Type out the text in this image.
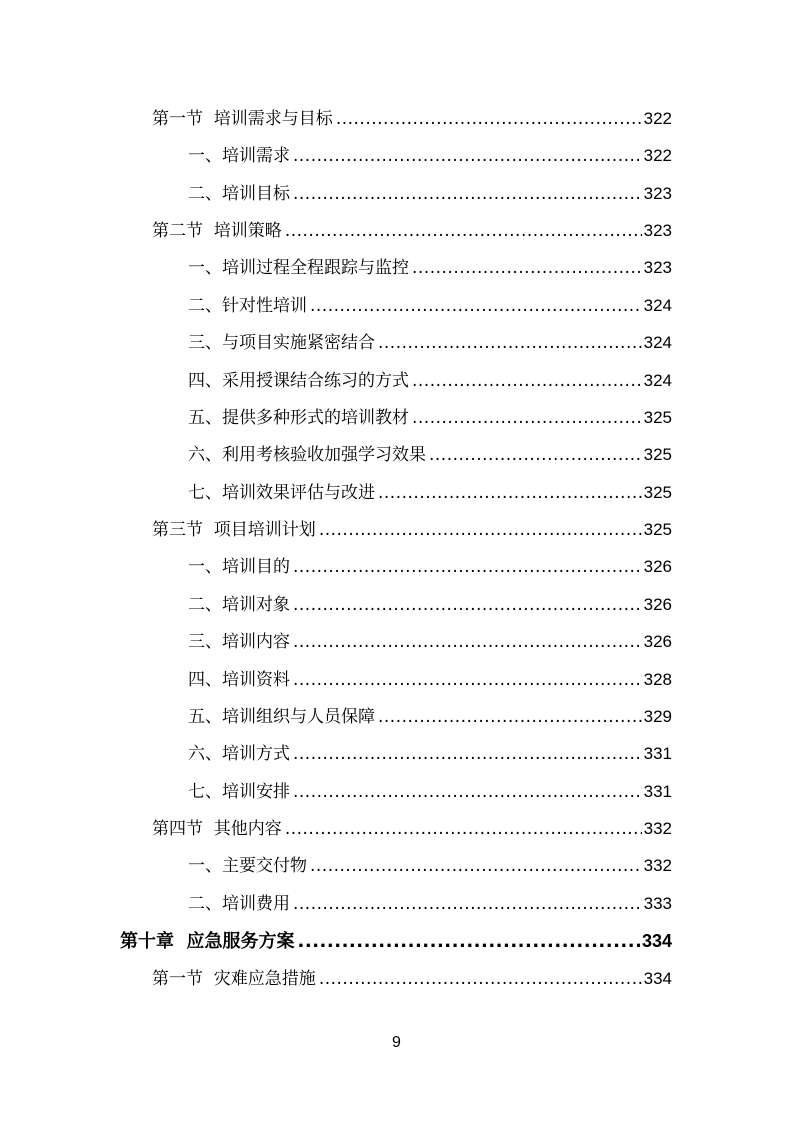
第一节  培训需求与目标 .....	322
一、培训需求 .....	322
二、培训目标 .....	323
第二节  培训策略 .....	323
一、培训过程全程跟踪与监控 .....	323
二、针对性培训 .....	324
三、与项目实施紧密结合 .....	324
四、采用授课结合练习的方式 .....	324
五、提供多种形式的培训教材 .....	325
六、利用考核验收加强学习效果 .....	325
七、培训效果评估与改进 .....	325
第三节  项目培训计划 .....	325
一、培训目的 .....	326
二、培训对象 .....	326
三、培训内容 .....	326
四、培训资料 .....	328
五、培训组织与人员保障 .....	329
六、培训方式 .....	331
七、培训安排 .....	331
第四节  其他内容 .....	332
一、主要交付物 .....	332
二、培训费用 .....	333
第十章  应急服务方案 .....	334
第一节  灾难应急措施 .....	334
9
